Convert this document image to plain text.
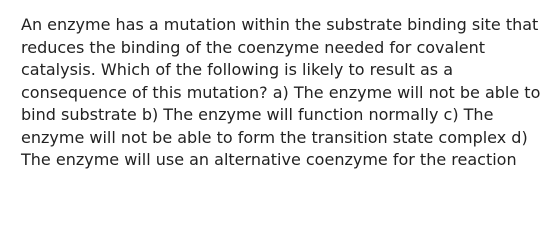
An enzyme has a mutation within the substrate binding site that
reduces the binding of the coenzyme needed for covalent
catalysis. Which of the following is likely to result as a
consequence of this mutation? a) The enzyme will not be able to
bind substrate b) The enzyme will function normally c) The
enzyme will not be able to form the transition state complex d)
The enzyme will use an alternative coenzyme for the reaction
